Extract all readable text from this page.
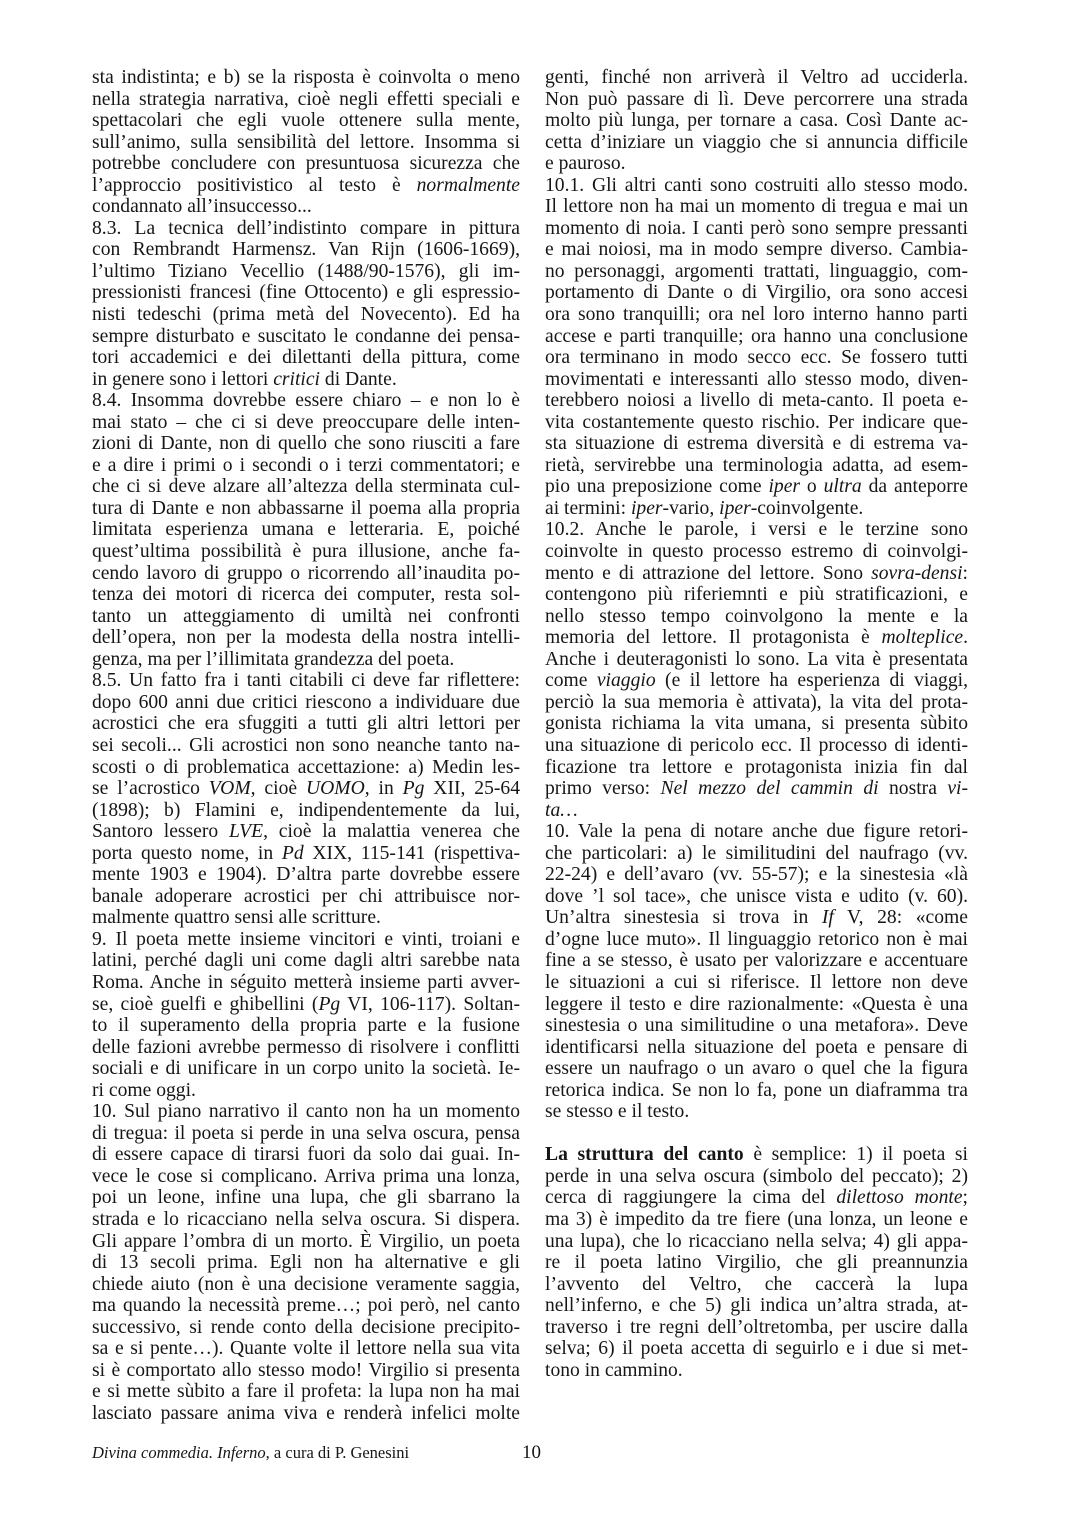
sta indistinta; e b) se la risposta è coinvolta o meno
nella strategia narrativa, cioè negli effetti speciali e
spettacolari che egli vuole ottenere sulla mente,
sull’animo, sulla sensibilità del lettore. Insomma si
potrebbe concludere con presuntuosa sicurezza che
l’approccio positivistico al testo è normalmente
condannato all’insuccesso...
8.3. La tecnica dell’indistinto compare in pittura
con Rembrandt Harmensz. Van Rijn (1606-1669),
l’ultimo Tiziano Vecellio (1488/90-1576), gli im-
pressionisti francesi (fine Ottocento) e gli espressio-
nisti tedeschi (prima metà del Novecento). Ed ha
sempre disturbato e suscitato le condanne dei pensa-
tori accademici e dei dilettanti della pittura, come
in genere sono i lettori critici di Dante.
8.4. Insomma dovrebbe essere chiaro – e non lo è
mai stato – che ci si deve preoccupare delle inten-
zioni di Dante, non di quello che sono riusciti a fare
e a dire i primi o i secondi o i terzi commentatori; e
che ci si deve alzare all’altezza della sterminata cul-
tura di Dante e non abbassarne il poema alla propria
limitata esperienza umana e letteraria. E, poiché
quest’ultima possibilità è pura illusione, anche fa-
cendo lavoro di gruppo o ricorrendo all’inaudita po-
tenza dei motori di ricerca dei computer, resta sol-
tanto un atteggiamento di umiltà nei confronti
dell’opera, non per la modesta della nostra intelli-
genza, ma per l’illimitata grandezza del poeta.
8.5. Un fatto fra i tanti citabili ci deve far riflettere:
dopo 600 anni due critici riescono a individuare due
acrostici che era sfuggiti a tutti gli altri lettori per
sei secoli... Gli acrostici non sono neanche tanto na-
scosti o di problematica accettazione: a) Medin les-
se l’acrostico VOM, cioè UOMO, in Pg XII, 25-64
(1898); b) Flamini e, indipendentemente da lui,
Santoro lessero LVE, cioè la malattia venerea che
porta questo nome, in Pd XIX, 115-141 (rispettiva-
mente 1903 e 1904). D’altra parte dovrebbe essere
banale adoperare acrostici per chi attribuisce nor-
malmente quattro sensi alle scritture.
9. Il poeta mette insieme vincitori e vinti, troiani e
latini, perché dagli uni come dagli altri sarebbe nata
Roma. Anche in séguito metterà insieme parti avver-
se, cioè guelfi e ghibellini (Pg VI, 106-117). Soltan-
to il superamento della propria parte e la fusione
delle fazioni avrebbe permesso di risolvere i conflitti
sociali e di unificare in un corpo unito la società. Ie-
ri come oggi.
10. Sul piano narrativo il canto non ha un momento
di tregua: il poeta si perde in una selva oscura, pensa
di essere capace di tirarsi fuori da solo dai guai. In-
vece le cose si complicano. Arriva prima una lonza,
poi un leone, infine una lupa, che gli sbarrano la
strada e lo ricacciano nella selva oscura. Si dispera.
Gli appare l’ombra di un morto. È Virgilio, un poeta
di 13 secoli prima. Egli non ha alternative e gli
chiede aiuto (non è una decisione veramente saggia,
ma quando la necessità preme…; poi però, nel canto
successivo, si rende conto della decisione precipito-
sa e si pente…). Quante volte il lettore nella sua vita
si è comportato allo stesso modo! Virgilio si presenta
e si mette sùbito a fare il profeta: la lupa non ha mai
lasciato passare anima viva e renderà infelici molte
genti, finché non arriverà il Veltro ad ucciderla.
Non può passare di lì. Deve percorrere una strada
molto più lunga, per tornare a casa. Così Dante ac-
cetta d’iniziare un viaggio che si annuncia difficile
e pauroso.
10.1. Gli altri canti sono costruiti allo stesso modo.
Il lettore non ha mai un momento di tregua e mai un
momento di noia. I canti però sono sempre pressanti
e mai noiosi, ma in modo sempre diverso. Cambia-
no personaggi, argomenti trattati, linguaggio, com-
portamento di Dante o di Virgilio, ora sono accesi
ora sono tranquilli; ora nel loro interno hanno parti
accese e parti tranquille; ora hanno una conclusione
ora terminano in modo secco ecc. Se fossero tutti
movimentati e interessanti allo stesso modo, diven-
terebbero noiosi a livello di meta-canto. Il poeta e-
vita costantemente questo rischio. Per indicare que-
sta situazione di estrema diversità e di estrema va-
rietà, servirebbe una terminologia adatta, ad esem-
pio una preposizione come iper o ultra da anteporre
ai termini: iper-vario, iper-coinvolgente.
10.2. Anche le parole, i versi e le terzine sono
coinvolte in questo processo estremo di coinvolgi-
mento e di attrazione del lettore. Sono sovra-densi:
contengono più riferiemnti e più stratificazioni, e
nello stesso tempo coinvolgono la mente e la
memoria del lettore. Il protagonista è molteplice.
Anche i deuteragonisti lo sono. La vita è presentata
come viaggio (e il lettore ha esperienza di viaggi,
perciò la sua memoria è attivata), la vita del prota-
gonista richiama la vita umana, si presenta sùbito
una situazione di pericolo ecc. Il processo di identi-
ficazione tra lettore e protagonista inizia fin dal
primo verso: Nel mezzo del cammin di nostra vi-
ta…
10. Vale la pena di notare anche due figure retori-
che particolari: a) le similitudini del naufrago (vv.
22-24) e dell’avaro (vv. 55-57); e la sinestesia «là
dove ’l sol tace», che unisce vista e udito (v. 60).
Un’altra sinestesia si trova in If V, 28: «come
d’ogne luce muto». Il linguaggio retorico non è mai
fine a se stesso, è usato per valorizzare e accentuare
le situazioni a cui si riferisce. Il lettore non deve
leggere il testo e dire razionalmente: «Questa è una
sinestesia o una similitudine o una metafora». Deve
identificarsi nella situazione del poeta e pensare di
essere un naufrago o un avaro o quel che la figura
retorica indica. Se non lo fa, pone un diaframma tra
se stesso e il testo.
La struttura del canto è semplice: 1) il poeta si
perde in una selva oscura (simbolo del peccato); 2)
cerca di raggiungere la cima del dilettoso monte;
ma 3) è impedito da tre fiere (una lonza, un leone e
una lupa), che lo ricacciano nella selva; 4) gli appa-
re il poeta latino Virgilio, che gli preannunzia
l’avvento del Veltro, che caccerà la lupa
nell’inferno, e che 5) gli indica un’altra strada, at-
traverso i tre regni dell’oltretomba, per uscire dalla
selva; 6) il poeta accetta di seguirlo e i due si met-
tono in cammino.
Divina commedia. Inferno, a cura di P. Genesini	10
